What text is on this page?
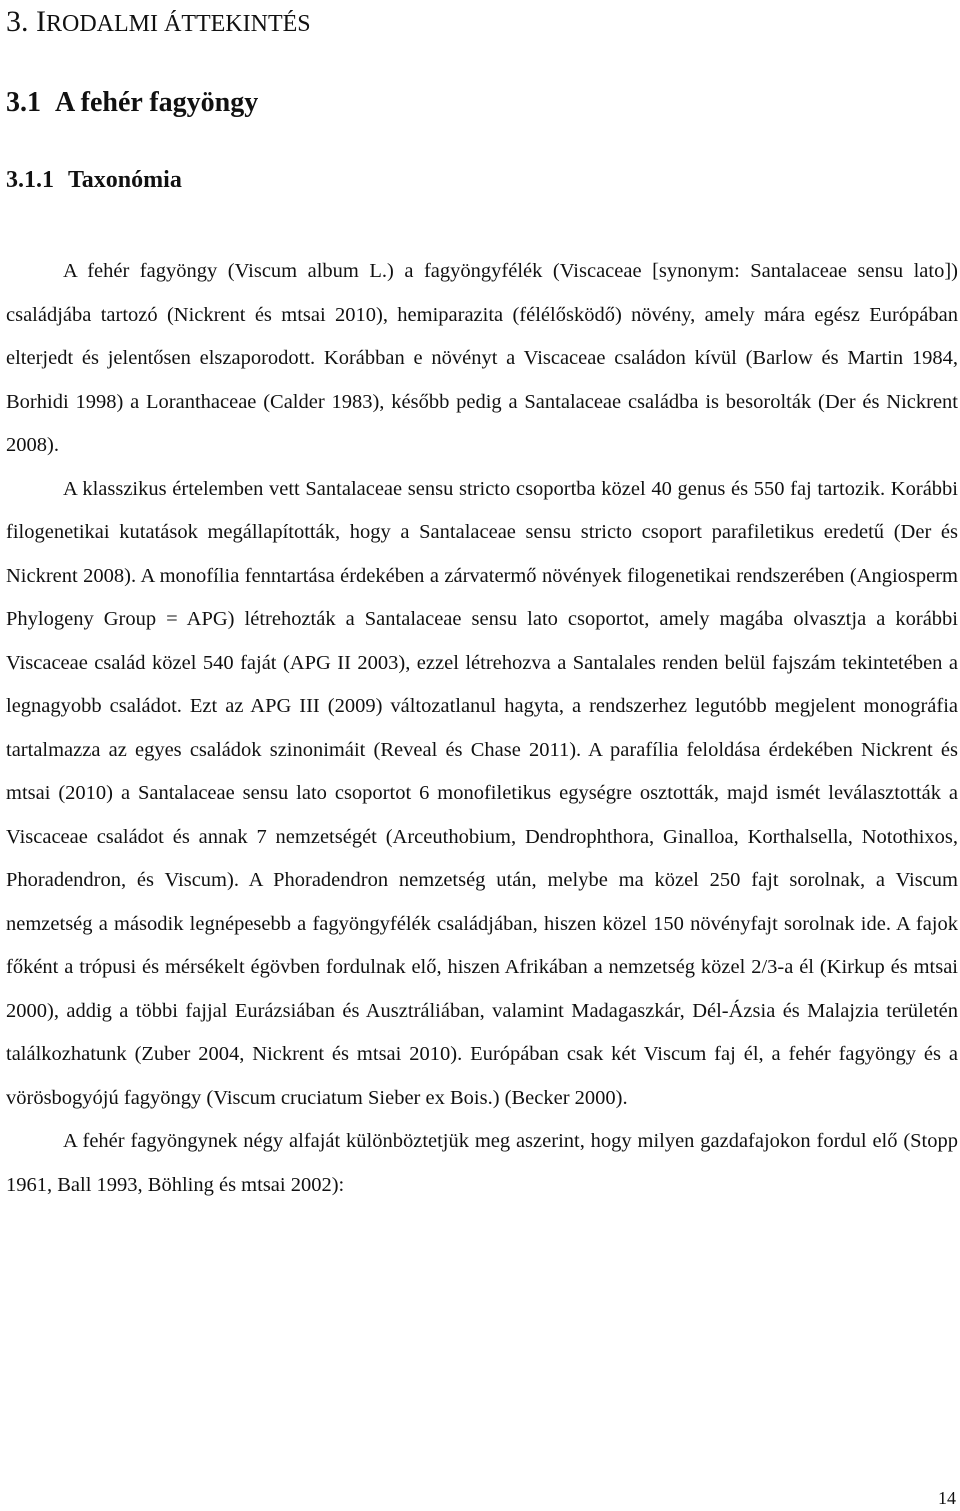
3. IRODALMI ÁTTEKINTÉS
3.1 A fehér fagyöngy
3.1.1 Taxonómia

A fehér fagyöngy (Viscum album L.) a fagyöngyfélék (Viscaceae [synonym: Santalaceae sensu lato]) családjába tartozó (Nickrent és mtsai 2010), hemiparazita (félélősködő) növény, amely mára egész Európában elterjedt és jelentősen elszaporodott. Korábban e növényt a Viscaceae családon kívül (Barlow és Martin 1984, Borhidi 1998) a Loranthaceae (Calder 1983), később pedig a Santalaceae családba is besorolták (Der és Nickrent 2008).

A klasszikus értelemben vett Santalaceae sensu stricto csoportba közel 40 genus és 550 faj tartozik. Korábbi filogenetikai kutatások megállapították, hogy a Santalaceae sensu stricto csoport parafiletikus eredetű (Der és Nickrent 2008). A monofília fenntartása érdekében a zárvatermő növények filogenetikai rendszerében (Angiosperm Phylogeny Group = APG) létrehozták a Santalaceae sensu lato csoportot, amely magába olvasztja a korábbi Viscaceae család közel 540 faját (APG II 2003), ezzel létrehozva a Santalales renden belül fajszám tekintetében a legnagyobb családot. Ezt az APG III (2009) változatlanul hagyta, a rendszerhez legutóbb megjelent monográfia tartalmazza az egyes családok szinonimáit (Reveal és Chase 2011). A parafília feloldása érdekében Nickrent és mtsai (2010) a Santalaceae sensu lato csoportot 6 monofiletikus egységre osztották, majd ismét leválasztották a Viscaceae családot és annak 7 nemzetségét (Arceuthobium, Dendrophthora, Ginalloa, Korthalsella, Notothixos, Phoradendron, és Viscum). A Phoradendron nemzetség után, melybe ma közel 250 fajt sorolnak, a Viscum nemzetség a második legnépesebb a fagyöngyfélék családjában, hiszen közel 150 növényfajt sorolnak ide. A fajok főként a trópusi és mérsékelt égövben fordulnak elő, hiszen Afrikában a nemzetség közel 2/3-a él (Kirkup és mtsai 2000), addig a többi fajjal Eurázsiában és Ausztráliában, valamint Madagaszkár, Dél-Ázsia és Malajzia területén találkozhatunk (Zuber 2004, Nickrent és mtsai 2010). Európában csak két Viscum faj él, a fehér fagyöngy és a vörösbogyójú fagyöngy (Viscum cruciatum Sieber ex Bois.) (Becker 2000).

A fehér fagyöngynek négy alfaját különböztetjük meg aszerint, hogy milyen gazdafajokon fordul elő (Stopp 1961, Ball 1993, Böhling és mtsai 2002):

14
